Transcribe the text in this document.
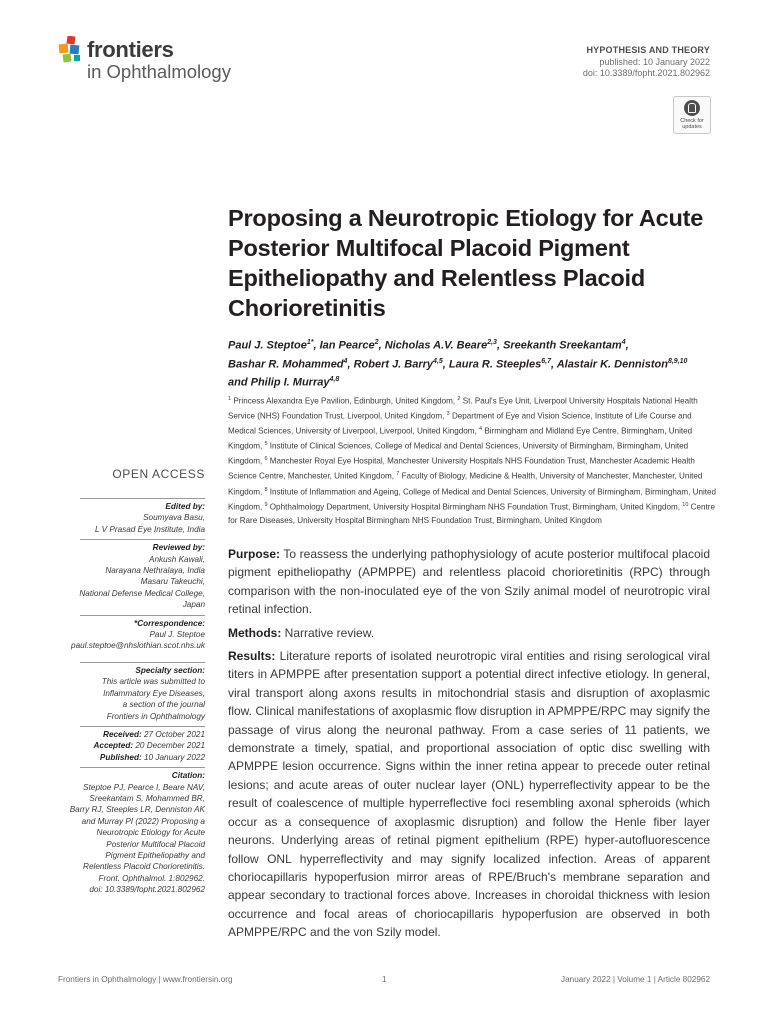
frontiers
in Ophthalmology
HYPOTHESIS AND THEORY
published: 10 January 2022
doi: 10.3389/fopht.2021.802962
Check for updates
Proposing a Neurotropic Etiology for Acute Posterior Multifocal Placoid Pigment Epitheliopathy and Relentless Placoid Chorioretinitis
Paul J. Steptoe$^{1*}$, Ian Pearce$^2$, Nicholas A.V. Beare$^{2,3}$, Sreekanth Sreekantam$^4$,
Bashar R. Mohammed$^4$, Robert J. Barry$^{4,5}$, Laura R. Steeples$^{6,7}$, Alastair K. Denniston$^{8,9,10}$
and Philip I. Murray$^{4,8}$
$^1$ Princess Alexandra Eye Pavilion, Edinburgh, United Kingdom, $^2$ St. Paul's Eye Unit, Liverpool University Hospitals National Health Service (NHS) Foundation Trust, Liverpool, United Kingdom, $^3$ Department of Eye and Vision Science, Institute of Life Course and Medical Sciences, University of Liverpool, Liverpool, United Kingdom, $^4$ Birmingham and Midland Eye Centre, Birmingham, United Kingdom, $^5$ Institute of Clinical Sciences, College of Medical and Dental Sciences, University of Birmingham, Birmingham, United Kingdom, $^6$ Manchester Royal Eye Hospital, Manchester University Hospitals NHS Foundation Trust, Manchester Academic Health Science Centre, Manchester, United Kingdom, $^7$ Faculty of Biology, Medicine & Health, University of Manchester, Manchester, United Kingdom, $^8$ Institute of Inflammation and Ageing, College of Medical and Dental Sciences, University of Birmingham, Birmingham, United Kingdom, $^9$ Ophthalmology Department, University Hospital Birmingham NHS Foundation Trust, Birmingham, United Kingdom, $^{10}$ Centre for Rare Diseases, University Hospital Birmingham NHS Foundation Trust, Birmingham, United Kingdom
OPEN ACCESS
Edited by:
Soumyava Basu,
L V Prasad Eye Institute, India
Reviewed by:
Ankush Kawali,
Narayana Nethralaya, India
Masaru Takeuchi,
National Defense Medical College,
Japan
*Correspondence:
Paul J. Steptoe
paul.steptoe@nhslothian.scot.nhs.uk
Specialty section:
This article was submitted to
Inflammatory Eye Diseases,
a section of the journal
Frontiers in Ophthalmology
Received: 27 October 2021
Accepted: 20 December 2021
Published: 10 January 2022
Citation:
Steptoe PJ, Pearce I, Beare NAV,
Sreekantam S, Mohammed BR,
Barry RJ, Steeples LR, Denniston AK
and Murray PI (2022) Proposing a
Neurotropic Etiology for Acute
Posterior Multifocal Placoid
Pigment Epitheliopathy and
Relentless Placoid Chorioretinitis.
Front. Ophthalmol. 1:802962.
doi: 10.3389/fopht.2021.802962

Purpose: To reassess the underlying pathophysiology of acute posterior multifocal placoid pigment epitheliopathy (APMPPE) and relentless placoid chorioretinitis (RPC) through comparison with the non-inoculated eye of the von Szily animal model of neurotropic viral retinal infection.

Methods: Narrative review.

Results: Literature reports of isolated neurotropic viral entities and rising serological viral titers in APMPPE after presentation support a potential direct infective etiology. In general, viral transport along axons results in mitochondrial stasis and disruption of axoplasmic flow. Clinical manifestations of axoplasmic flow disruption in APMPPE/RPC may signify the passage of virus along the neuronal pathway. From a case series of 11 patients, we demonstrate a timely, spatial, and proportional association of optic disc swelling with APMPPE lesion occurrence. Signs within the inner retina appear to precede outer retinal lesions; and acute areas of outer nuclear layer (ONL) hyperreflectivity appear to be the result of coalescence of multiple hyperreflective foci resembling axonal spheroids (which occur as a consequence of axoplasmic disruption) and follow the Henle fiber layer neurons. Underlying areas of retinal pigment epithelium (RPE) hyper-autofluorescence follow ONL hyperreflectivity and may signify localized infection. Areas of apparent choriocapillaris hypoperfusion mirror areas of RPE/Bruch's membrane separation and appear secondary to tractional forces above. Increases in choroidal thickness with lesion occurrence and focal areas of choriocapillaris hypoperfusion are observed in both APMPPE/RPC and the von Szily model.

Frontiers in Ophthalmology | www.frontiersin.org	1	January 2022 | Volume 1 | Article 802962
